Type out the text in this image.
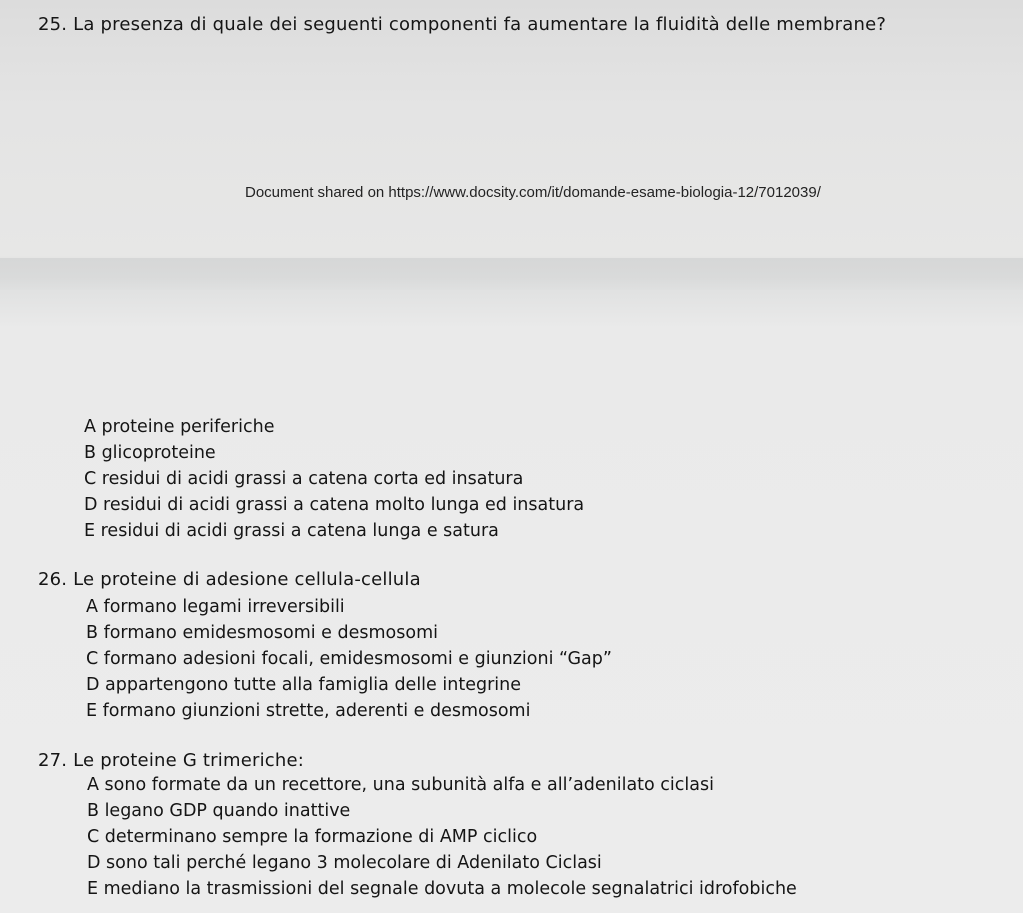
25. La presenza di quale dei seguenti componenti fa aumentare la fluidità delle membrane?
Document shared on https://www.docsity.com/it/domande-esame-biologia-12/7012039/
A proteine periferiche
B glicoproteine
C residui di acidi grassi a catena corta ed insatura
D residui di acidi grassi a catena molto lunga ed insatura
E residui di acidi grassi a catena lunga e satura
26. Le proteine di adesione cellula-cellula
A formano legami irreversibili
B formano emidesmosomi e desmosomi
C formano adesioni focali, emidesmosomi e giunzioni “Gap”
D appartengono tutte alla famiglia delle integrine
E formano giunzioni strette, aderenti e desmosomi
27. Le proteine G trimeriche:
A sono formate da un recettore, una subunità alfa e all’adenilato ciclasi
B legano GDP quando inattive
C determinano sempre la formazione di AMP ciclico
D sono tali perché legano 3 molecolare di Adenilato Ciclasi
E mediano la trasmissioni del segnale dovuta a molecole segnalatrici idrofobiche
